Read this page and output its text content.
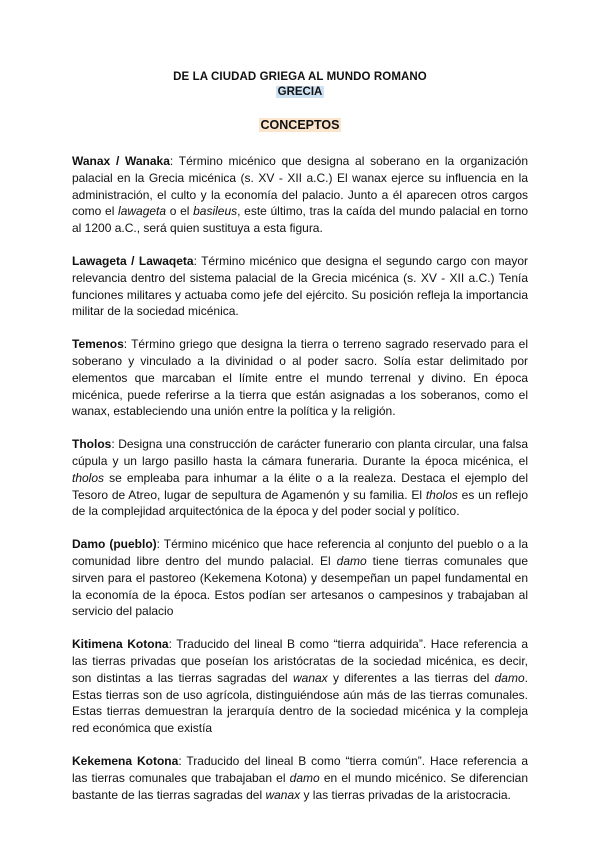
DE LA CIUDAD GRIEGA AL MUNDO ROMANO

GRECIA

CONCEPTOS

Wanax / Wanaka: Término micénico que designa al soberano en la organización palacial en la Grecia micénica (s. XV - XII a.C.) El wanax ejerce su influencia en la administración, el culto y la economía del palacio. Junto a él aparecen otros cargos como el lawageta o el basileus, este último, tras la caída del mundo palacial en torno al 1200 a.C., será quien sustituya a esta figura.

Lawageta / Lawaqeta: Término micénico que designa el segundo cargo con mayor relevancia dentro del sistema palacial de la Grecia micénica (s. XV - XII a.C.) Tenía funciones militares y actuaba como jefe del ejército. Su posición refleja la importancia militar de la sociedad micénica.

Temenos: Término griego que designa la tierra o terreno sagrado reservado para el soberano y vinculado a la divinidad o al poder sacro. Solía estar delimitado por elementos que marcaban el límite entre el mundo terrenal y divino. En época micénica, puede referirse a la tierra que están asignadas a los soberanos, como el wanax, estableciendo una unión entre la política y la religión.

Tholos: Designa una construcción de carácter funerario con planta circular, una falsa cúpula y un largo pasillo hasta la cámara funeraria. Durante la época micénica, el tholos se empleaba para inhumar a la élite o a la realeza. Destaca el ejemplo del Tesoro de Atreo, lugar de sepultura de Agamenón y su familia. El tholos es un reflejo de la complejidad arquitectónica de la época y del poder social y político.

Damo (pueblo): Término micénico que hace referencia al conjunto del pueblo o a la comunidad libre dentro del mundo palacial. El damo tiene tierras comunales que sirven para el pastoreo (Kekemena Kotona) y desempeñan un papel fundamental en la economía de la época. Estos podían ser artesanos o campesinos y trabajaban al servicio del palacio

Kitimena Kotona: Traducido del lineal B como “tierra adquirida”. Hace referencia a las tierras privadas que poseían los aristócratas de la sociedad micénica, es decir, son distintas a las tierras sagradas del wanax y diferentes a las tierras del damo. Estas tierras son de uso agrícola, distinguiéndose aún más de las tierras comunales. Estas tierras demuestran la jerarquía dentro de la sociedad micénica y la compleja red económica que existía

Kekemena Kotona: Traducido del lineal B como “tierra común”. Hace referencia a las tierras comunales que trabajaban el damo en el mundo micénico. Se diferencian bastante de las tierras sagradas del wanax y las tierras privadas de la aristocracia.
